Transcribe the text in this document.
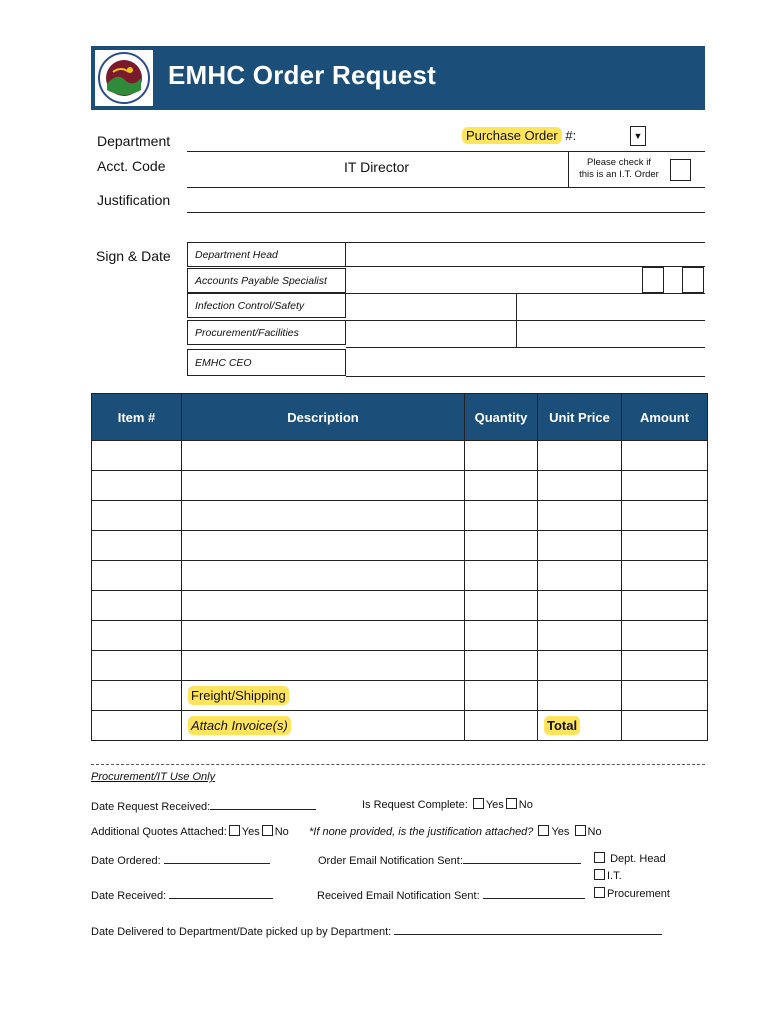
EMHC Order Request
Department	Purchase Order #:	▼
Acct. Code	IT Director	Please check if
this is an I.T. Order
Justification
Sign & Date	Department Head
Accounts Payable Specialist
Infection Control/Safety
Procurement/Facilities
EMHC CEO
Item #	Description	Quantity	Unit Price	Amount

	Freight/Shipping			
	Attach Invoice(s)		Total	
Procurement/IT Use Only
Date Request Received:	Is Request Complete: Yes No
Additional Quotes Attached: Yes No *If none provided, is the justification attached? Yes No
Date Ordered:	Order Email Notification Sent:	Dept. Head
I.T.
Date Received:	Received Email Notification Sent:	Procurement
Date Delivered to Department/Date picked up by Department:
